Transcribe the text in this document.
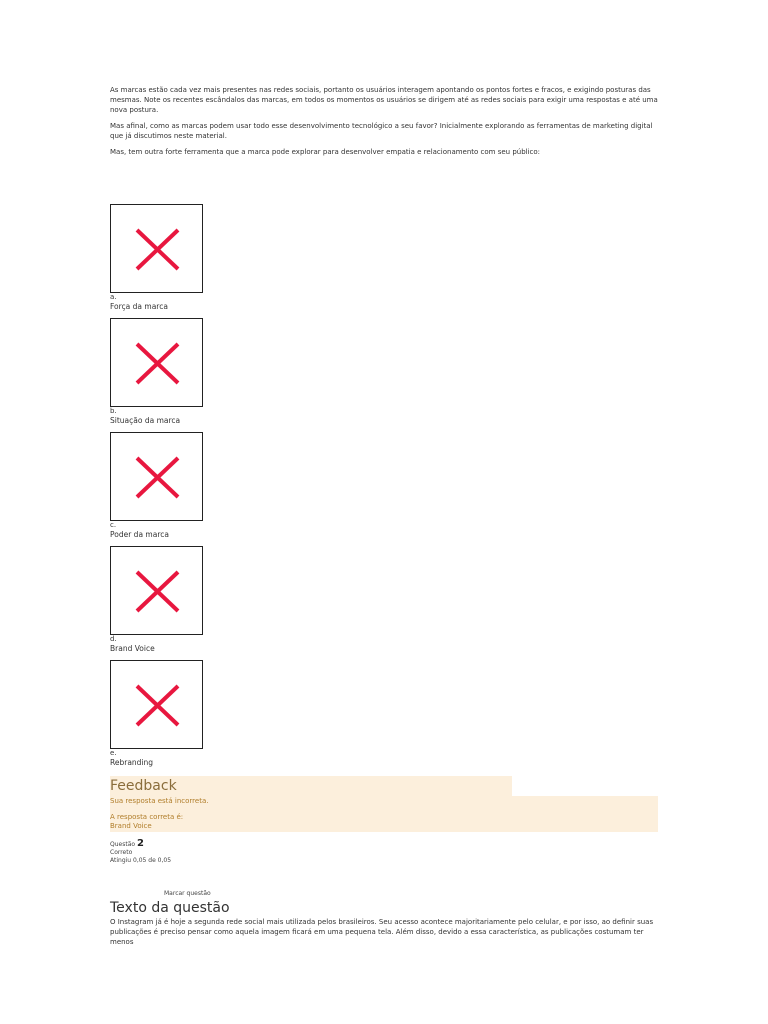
As marcas estão cada vez mais presentes nas redes sociais, portanto os usuários interagem apontando os pontos fortes e fracos, e exigindo posturas das mesmas. Note os recentes escândalos das marcas, em todos os momentos os usuários se dirigem até as redes sociais para exigir uma respostas e até uma nova postura.

Mas afinal, como as marcas podem usar todo esse desenvolvimento tecnológico a seu favor? Inicialmente explorando as ferramentas de marketing digital que já discutimos neste material.

Mas, tem outra forte ferramenta que a marca pode explorar para desenvolver empatia e relacionamento com seu público:

a.
Força da marca
b.
Situação da marca
c.
Poder da marca
d.
Brand Voice
e.
Rebranding
Feedback
Sua resposta está incorreta.
A resposta correta é:
Brand Voice
Questão 2
Correto
Atingiu 0,05 de 0,05
Marcar questão
Texto da questão
O Instagram já é hoje a segunda rede social mais utilizada pelos brasileiros. Seu acesso acontece majoritariamente pelo celular, e por isso, ao definir suas publicações é preciso pensar como aquela imagem ficará em uma pequena tela. Além disso, devido a essa característica, as publicações costumam ter menos
